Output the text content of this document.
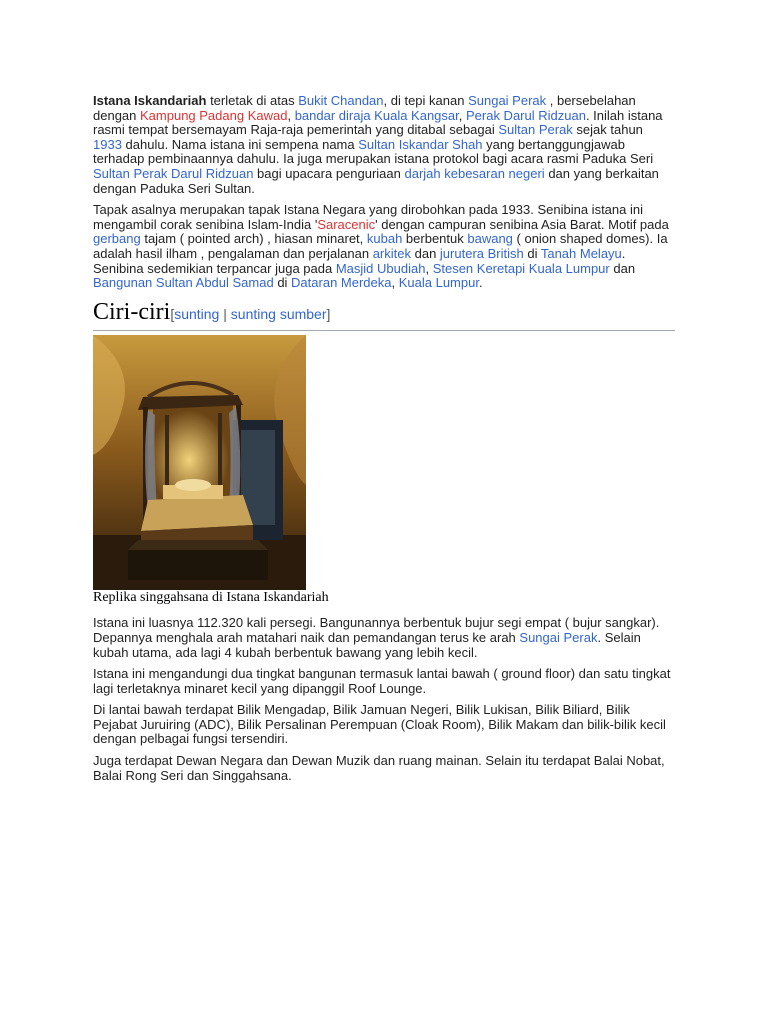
Istana Iskandariah terletak di atas Bukit Chandan, di tepi kanan Sungai Perak , bersebelahan dengan Kampung Padang Kawad, bandar diraja Kuala Kangsar, Perak Darul Ridzuan. Inilah istana rasmi tempat bersemayam Raja-raja pemerintah yang ditabal sebagai Sultan Perak sejak tahun 1933 dahulu. Nama istana ini sempena nama Sultan Iskandar Shah yang bertanggungjawab terhadap pembinaannya dahulu. Ia juga merupakan istana protokol bagi acara rasmi Paduka Seri Sultan Perak Darul Ridzuan bagi upacara penguriaan darjah kebesaran negeri dan yang berkaitan dengan Paduka Seri Sultan.

Tapak asalnya merupakan tapak Istana Negara yang dirobohkan pada 1933. Senibina istana ini mengambil corak senibina Islam-India 'Saracenic' dengan campuran senibina Asia Barat. Motif pada gerbang tajam ( pointed arch) , hiasan minaret, kubah berbentuk bawang ( onion shaped domes). Ia adalah hasil ilham , pengalaman dan perjalanan arkitek dan jurutera British di Tanah Melayu. Senibina sedemikian terpancar juga pada Masjid Ubudiah, Stesen Keretapi Kuala Lumpur dan Bangunan Sultan Abdul Samad di Dataran Merdeka, Kuala Lumpur.

Ciri-ciri[sunting | sunting sumber]
Replika singgahsana di Istana Iskandariah

Istana ini luasnya 112.320 kali persegi. Bangunannya berbentuk bujur segi empat ( bujur sangkar). Depannya menghala arah matahari naik dan pemandangan terus ke arah Sungai Perak. Selain kubah utama, ada lagi 4 kubah berbentuk bawang yang lebih kecil.

Istana ini mengandungi dua tingkat bangunan termasuk lantai bawah ( ground floor) dan satu tingkat lagi terletaknya minaret kecil yang dipanggil Roof Lounge.

Di lantai bawah terdapat Bilik Mengadap, Bilik Jamuan Negeri, Bilik Lukisan, Bilik Biliard, Bilik Pejabat Juruiring (ADC), Bilik Persalinan Perempuan (Cloak Room), Bilik Makam dan bilik-bilik kecil dengan pelbagai fungsi tersendiri.

Juga terdapat Dewan Negara dan Dewan Muzik dan ruang mainan. Selain itu terdapat Balai Nobat, Balai Rong Seri dan Singgahsana.
